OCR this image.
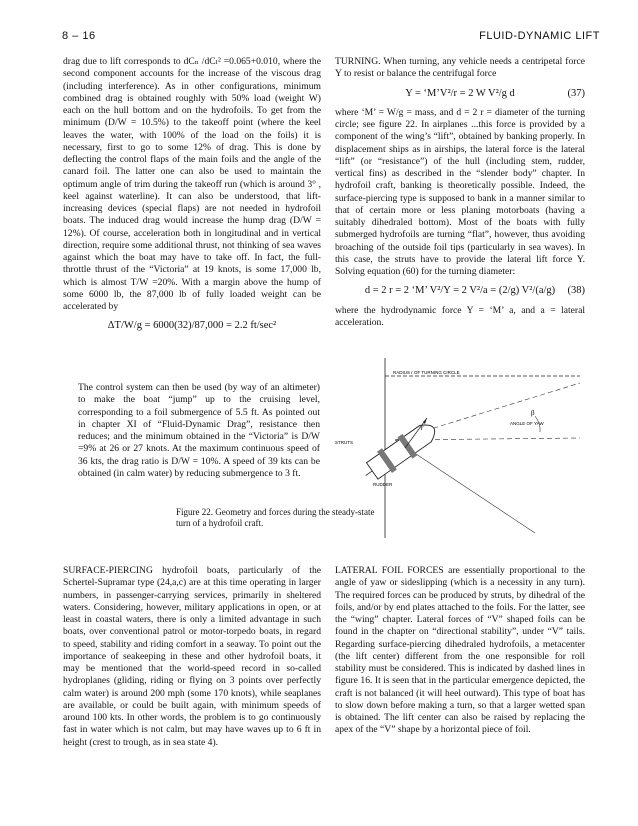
8 – 16	FLUID-DYNAMIC LIFT

drag due to lift corresponds to dCₙ /dCₗ² =0.065+0.010, where the second component accounts for the increase of the viscous drag (including interference). As in other configurations, minimum combined drag is obtained roughly with 50% load (weight W) each on the hull bottom and on the hydrofoils. To get from the minimum (D/W = 10.5%) to the takeoff point (where the keel leaves the water, with 100% of the load on the foils) it is necessary, first to go to some 12% of drag. This is done by deflecting the control flaps of the main foils and the angle of the canard foil. The latter one can also be used to maintain the optimum angle of trim during the takeoff run (which is around 3° , keel against waterline). It can also be understood, that lift-increasing devices (special flaps) are not needed in hydrofoil boats. The induced drag would increase the hump drag (D/W = 12%). Of course, acceleration both in longitudinal and in vertical direction, require some additional thrust, not thinking of sea waves against which the boat may have to take off. In fact, the full-throttle thrust of the “Victoria” at 19 knots, is some 17,000 lb, which is almost T/W =20%. With a margin above the hump of some 6000 lb, the 87,000 lb of fully loaded weight can be accelerated by

ΔT/W/g = 6000(32)/87,000 = 2.2 ft/sec²

The control system can then be used (by way of an altimeter) to make the boat “jump” up to the cruising level, corresponding to a foil submergence of 5.5 ft. As pointed out in chapter XI of “Fluid-Dynamic Drag”, resistance then reduces; and the minimum obtained in the “Victoria” is D/W =9% at 26 or 27 knots. At the maximum continuous speed of 36 kts, the drag ratio is D/W = 10%. A speed of 39 kts can be obtained (in calm water) by reducing submergence to 3 ft.

TURNING. When turning, any vehicle needs a centripetal force Y to resist or balance the centrifugal force

Y = ‘M’V²/r = 2 W V²/g d	(37)

where ‘M’ = W/g = mass, and d = 2 r = diameter of the turning circle; see figure 22. In airplanes ...this force is provided by a component of the wing’s “lift”, obtained by banking properly. In displacement ships as in airships, the lateral force is the lateral “lift” (or “resistance”) of the hull (including stem, rudder, vertical fins) as described in the “slender body” chapter. In hydrofoil craft, banking is theoretically possible. Indeed, the surface-piercing type is supposed to bank in a manner similar to that of certain more or less planing motorboats (having a suitably dihedraled bottom). Most of the boats with fully submerged hydrofoils are turning “flat”, however, thus avoiding broaching of the outside foil tips (particularly in sea waves). In this case, the struts have to provide the lateral lift force Y. Solving equation (60) for the turning diameter:

d = 2 r = 2 ‘M’ V²/Y = 2 V²/a = (2/g) V²/(a/g) (38)

where the hydrodynamic force Y = ‘M’ a, and a = lateral acceleration.

RADIUS r OF TURNING CIRCLE
β
ANGLE OF YAW
Y
STRUTS
RUDDER
Figure 22. Geometry and forces during the steady-state turn of a hydrofoil craft.

SURFACE-PIERCING hydrofoil boats, particularly of the Schertel-Supramar type (24,a,c) are at this time operating in larger numbers, in passenger-carrying services, primarily in sheltered waters. Considering, however, military applications in open, or at least in coastal waters, there is only a limited advantage in such boats, over conventional patrol or motor-torpedo boats, in regard to speed, stability and riding comfort in a seaway. To point out the importance of seakeeping in these and other hydrofoil boats, it may be mentioned that the world-speed record in so-called hydroplanes (gliding, riding or flying on 3 points over perfectly calm water) is around 200 mph (some 170 knots), while seaplanes are available, or could be built again, with minimum speeds of around 100 kts. In other words, the problem is to go continuously fast in water which is not calm, but may have waves up to 6 ft in height (crest to trough, as in sea state 4).

LATERAL FOIL FORCES are essentially proportional to the angle of yaw or sideslipping (which is a necessity in any turn). The required forces can be produced by struts, by dihedral of the foils, and/or by end plates attached to the foils. For the latter, see the “wing” chapter. Lateral forces of “V” shaped foils can be found in the chapter on “directional stability”, under “V” tails. Regarding surface-piercing dihedraled hydrofoils, a metacenter (the lift center) different from the one responsible for roll stability must be considered. This is indicated by dashed lines in figure 16. It is seen that in the particular emergence depicted, the craft is not balanced (it will heel outward). This type of boat has to slow down before making a turn, so that a larger wetted span is obtained. The lift center can also be raised by replacing the apex of the “V” shape by a horizontal piece of foil.
